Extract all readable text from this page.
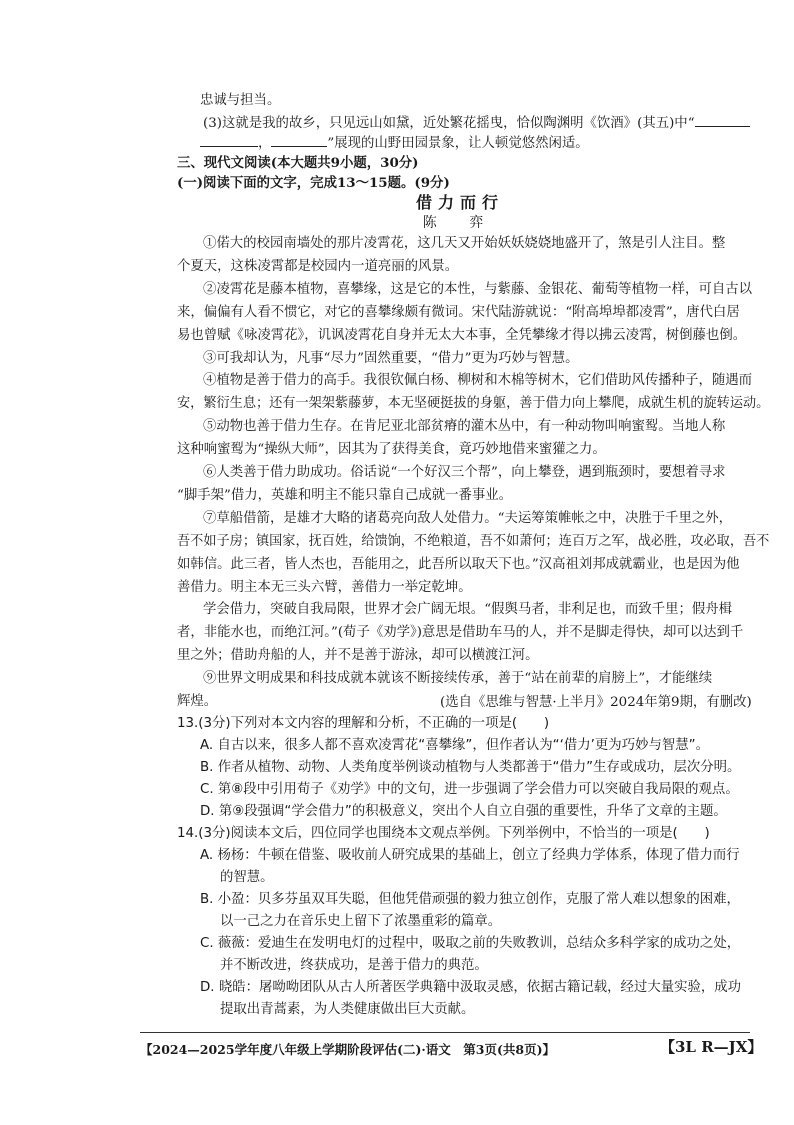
忠诚与担当。
(3)这就是我的故乡，只见远山如黛，近处繁花摇曳，恰似陶渊明《饮酒》(其五)中“
，	”展现的山野田园景象，让人顿觉悠然闲适。
三、现代文阅读(本大题共9小题，30分)
(一)阅读下面的文字，完成13～15题。(9分)
借力而行
陈 弈
①偌大的校园南墙处的那片凌霄花，这几天又开始妖妖娆娆地盛开了，煞是引人注目。整
个夏天，这株凌霄都是校园内一道亮丽的风景。
②凌霄花是藤本植物，喜攀缘，这是它的本性，与紫藤、金银花、葡萄等植物一样，可自古以
来，偏偏有人看不惯它，对它的喜攀缘颇有微词。宋代陆游就说：“附高埠埠都凌霄”，唐代白居
易也曾赋《咏凌霄花》，讥讽凌霄花自身并无太大本事，全凭攀缘才得以拂云凌霄，树倒藤也倒。
③可我却认为，凡事“尽力”固然重要，“借力”更为巧妙与智慧。
④植物是善于借力的高手。我很钦佩白杨、柳树和木棉等树木，它们借助风传播种子，随遇而
安，繁衍生息；还有一架架紫藤萝，本无坚硬挺拔的身躯，善于借力向上攀爬，成就生机的旋转运动。
⑤动物也善于借力生存。在肯尼亚北部贫瘠的灌木丛中，有一种动物叫响蜜䴕。当地人称
这种响蜜䴕为“操纵大师”，因其为了获得美食，竟巧妙地借来蜜獾之力。
⑥人类善于借力助成功。俗话说“一个好汉三个帮”，向上攀登，遇到瓶颈时，要想着寻求
“脚手架”借力，英雄和明主不能只靠自己成就一番事业。
⑦草船借箭，是雄才大略的诸葛亮向敌人处借力。“夫运筹策帷帐之中，决胜于千里之外，
吾不如子房；镇国家，抚百姓，给馈饷，不绝粮道，吾不如萧何；连百万之军，战必胜，攻必取，吾不
如韩信。此三者，皆人杰也，吾能用之，此吾所以取天下也。”汉高祖刘邦成就霸业，也是因为他
善借力。明主本无三头六臂，善借力一举定乾坤。
学会借力，突破自我局限，世界才会广阔无垠。“假舆马者，非利足也，而致千里；假舟楫
者，非能水也，而绝江河。”(荀子《劝学》)意思是借助车马的人，并不是脚走得快，却可以达到千
里之外；借助舟船的人，并不是善于游泳，却可以横渡江河。
⑨世界文明成果和科技成就本就该不断接续传承，善于“站在前辈的肩膀上”，才能继续
辉煌。	(选自《思维与智慧·上半月》2024年第9期，有删改)
13.(3分)下列对本文内容的理解和分析，不正确的一项是(　　)
A. 自古以来，很多人都不喜欢凌霄花“喜攀缘”，但作者认为“‘借力’更为巧妙与智慧”。
B. 作者从植物、动物、人类角度举例谈动植物与人类都善于“借力”生存或成功，层次分明。
C. 第⑧段中引用荀子《劝学》中的文句，进一步强调了学会借力可以突破自我局限的观点。
D. 第⑨段强调“学会借力”的积极意义，突出个人自立自强的重要性，升华了文章的主题。
14.(3分)阅读本文后，四位同学也围绕本文观点举例。下列举例中，不恰当的一项是(　　)
A. 杨杨：牛顿在借鉴、吸收前人研究成果的基础上，创立了经典力学体系，体现了借力而行
的智慧。
B. 小盈：贝多芬虽双耳失聪，但他凭借顽强的毅力独立创作，克服了常人难以想象的困难，
以一己之力在音乐史上留下了浓墨重彩的篇章。
C. 薇薇：爱迪生在发明电灯的过程中，吸取之前的失败教训，总结众多科学家的成功之处，
并不断改进，终获成功，是善于借力的典范。
D. 晓皓：屠呦呦团队从古人所著医学典籍中汲取灵感，依据古籍记载，经过大量实验，成功
提取出青蒿素，为人类健康做出巨大贡献。
【2024—2025学年度八年级上学期阶段评估(二)·语文　第3页(共8页)】	【3L R—JX】
